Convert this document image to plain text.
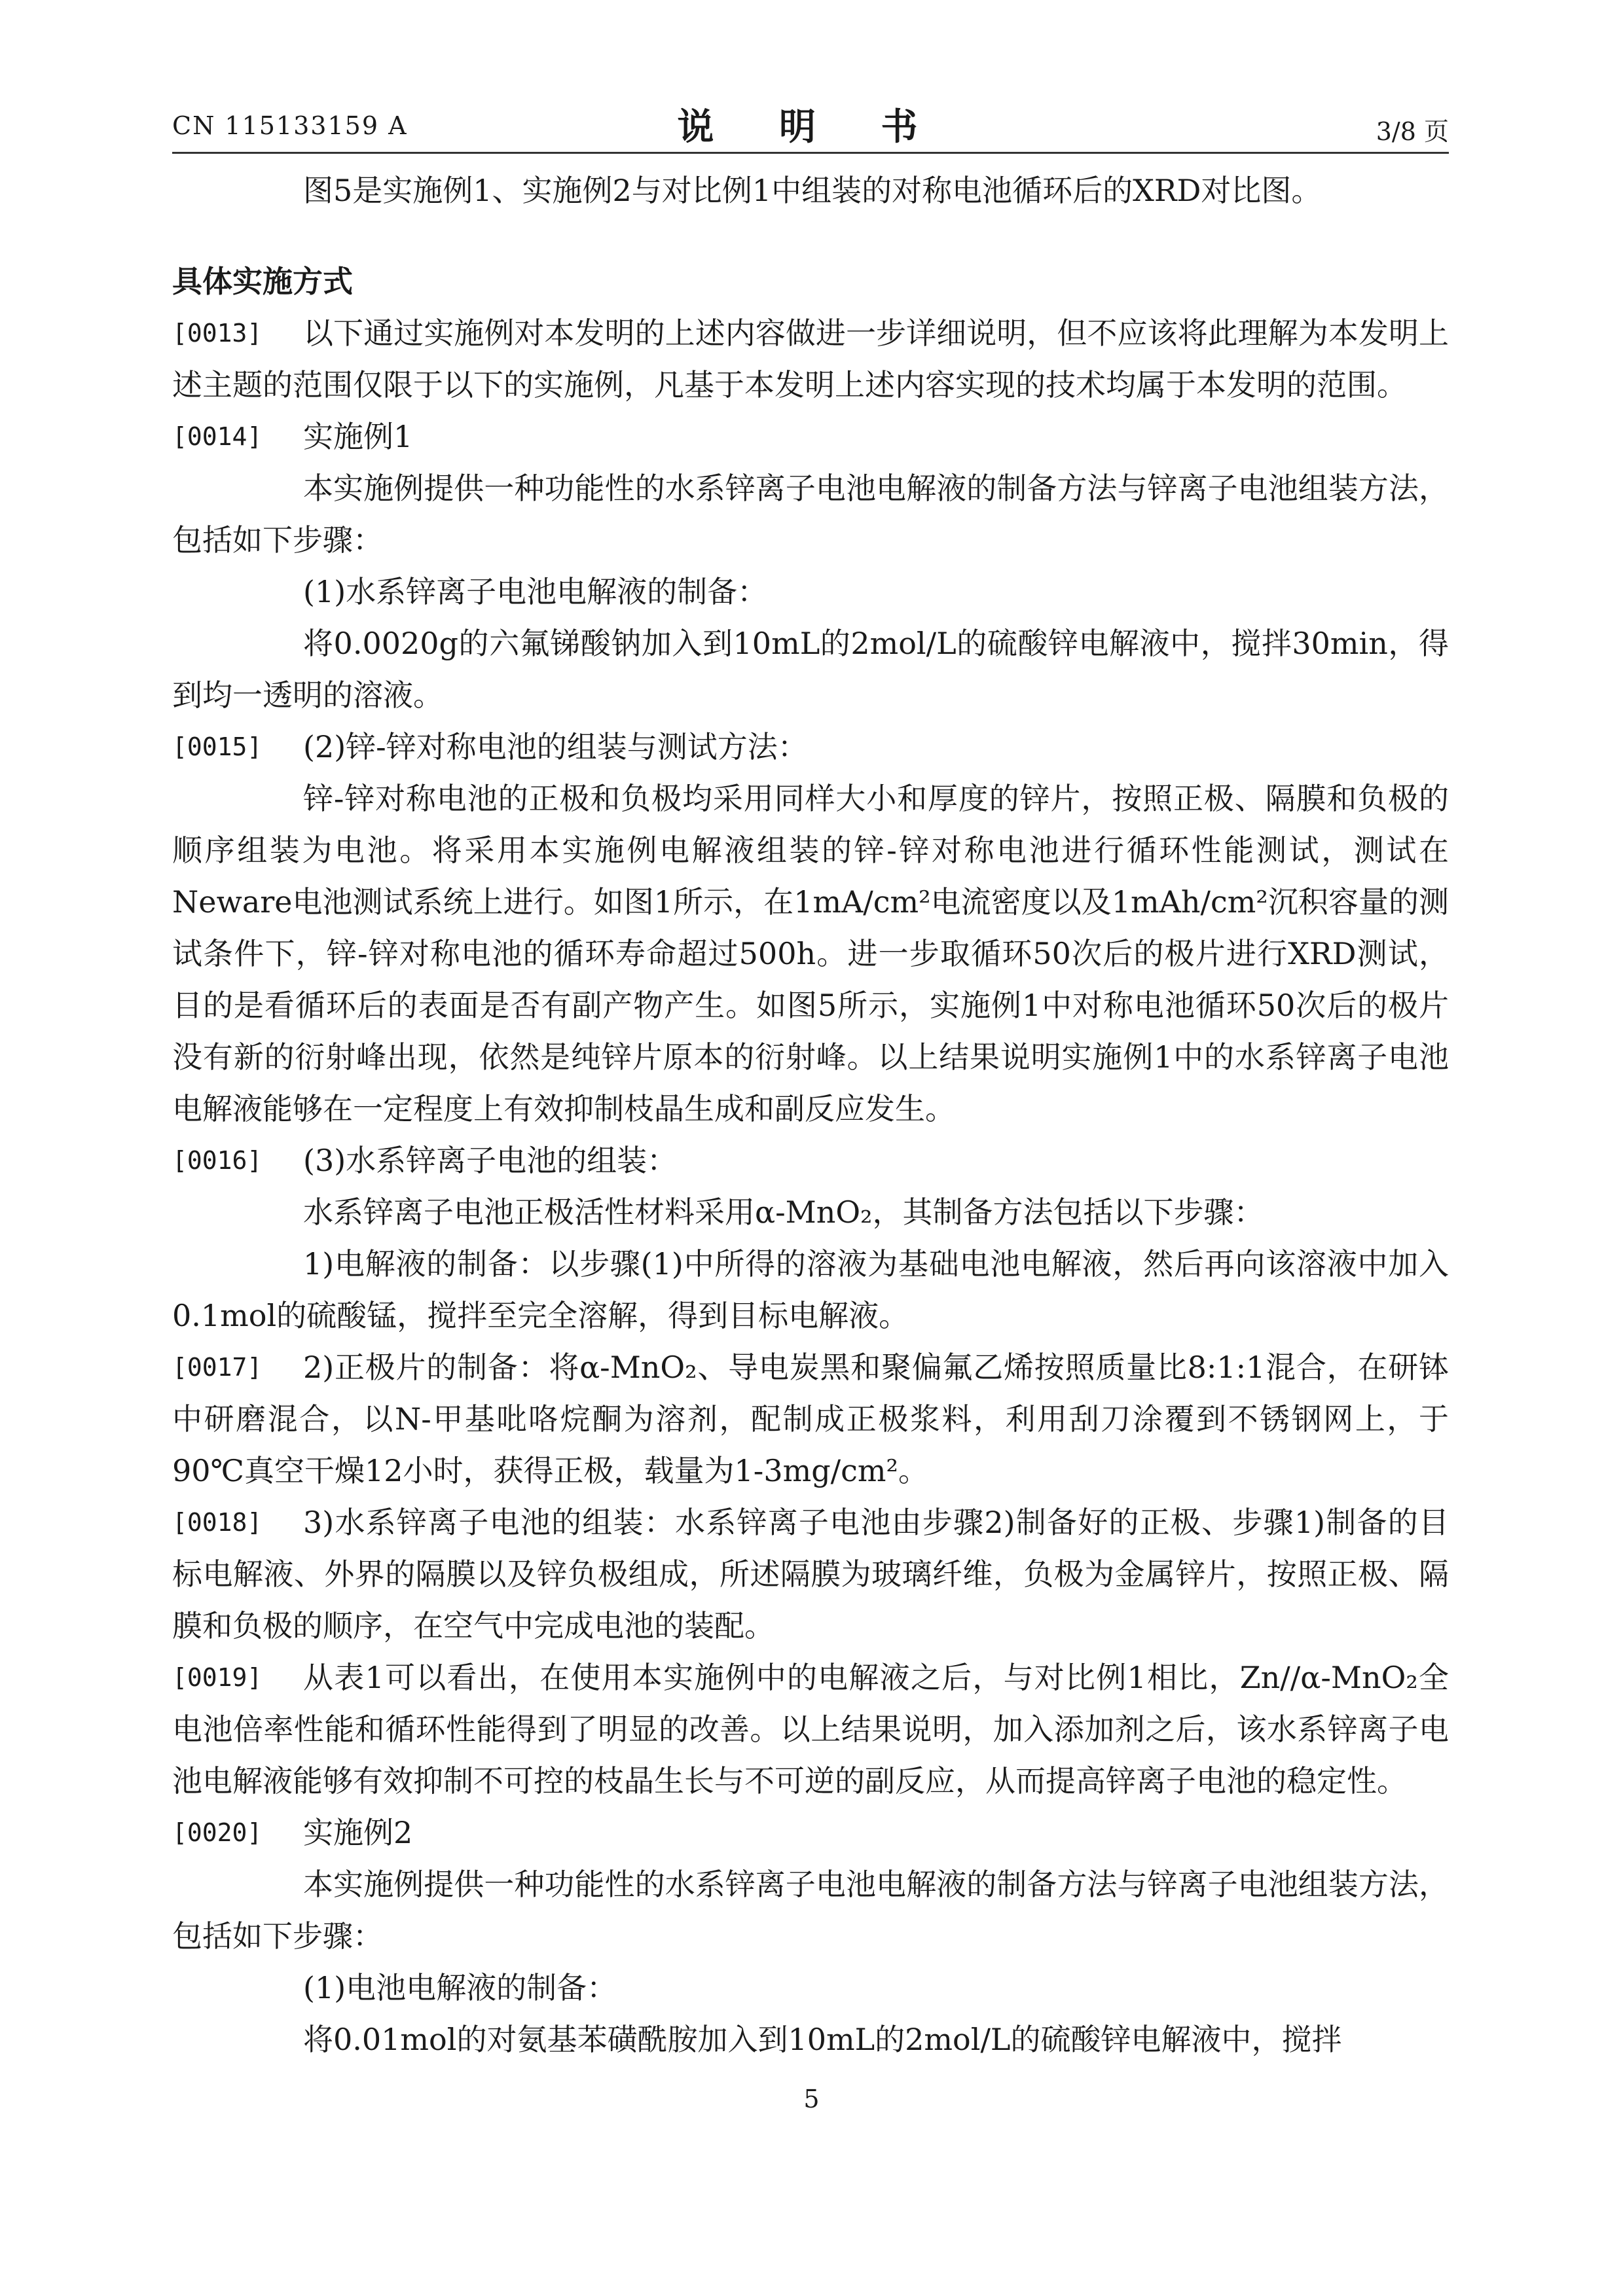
CN 115133159 A	说 明 书	3/8 页

图5是实施例1、实施例2与对比例1中组装的对称电池循环后的XRD对比图。

具体实施方式

[0013] 以下通过实施例对本发明的上述内容做进一步详细说明，但不应该将此理解为本发明上述主题的范围仅限于以下的实施例，凡基于本发明上述内容实现的技术均属于本发明的范围。

[0014] 实施例1

本实施例提供一种功能性的水系锌离子电池电解液的制备方法与锌离子电池组装方法，包括如下步骤：

(1)水系锌离子电池电解液的制备：

将0.0020g的六氟锑酸钠加入到10mL的2mol/L的硫酸锌电解液中，搅拌30min，得到均一透明的溶液。

[0015] (2)锌-锌对称电池的组装与测试方法：

锌-锌对称电池的正极和负极均采用同样大小和厚度的锌片，按照正极、隔膜和负极的顺序组装为电池。将采用本实施例电解液组装的锌-锌对称电池进行循环性能测试，测试在Neware电池测试系统上进行。如图1所示，在1mA/cm²电流密度以及1mAh/cm²沉积容量的测试条件下，锌-锌对称电池的循环寿命超过500h。进一步取循环50次后的极片进行XRD测试，目的是看循环后的表面是否有副产物产生。如图5所示，实施例1中对称电池循环50次后的极片没有新的衍射峰出现，依然是纯锌片原本的衍射峰。以上结果说明实施例1中的水系锌离子电池电解液能够在一定程度上有效抑制枝晶生成和副反应发生。

[0016] (3)水系锌离子电池的组装：

水系锌离子电池正极活性材料采用α-MnO₂，其制备方法包括以下步骤：

1)电解液的制备：以步骤(1)中所得的溶液为基础电池电解液，然后再向该溶液中加入0.1mol的硫酸锰，搅拌至完全溶解，得到目标电解液。

[0017] 2)正极片的制备：将α-MnO₂、导电炭黑和聚偏氟乙烯按照质量比8:1:1混合，在研钵中研磨混合，以N-甲基吡咯烷酮为溶剂，配制成正极浆料，利用刮刀涂覆到不锈钢网上，于90℃真空干燥12小时，获得正极，载量为1-3mg/cm²。

[0018] 3)水系锌离子电池的组装：水系锌离子电池由步骤2)制备好的正极、步骤1)制备的目标电解液、外界的隔膜以及锌负极组成，所述隔膜为玻璃纤维，负极为金属锌片，按照正极、隔膜和负极的顺序，在空气中完成电池的装配。

[0019] 从表1可以看出，在使用本实施例中的电解液之后，与对比例1相比，Zn//α-MnO₂全电池倍率性能和循环性能得到了明显的改善。以上结果说明，加入添加剂之后，该水系锌离子电池电解液能够有效抑制不可控的枝晶生长与不可逆的副反应，从而提高锌离子电池的稳定性。

[0020] 实施例2

本实施例提供一种功能性的水系锌离子电池电解液的制备方法与锌离子电池组装方法，包括如下步骤：

(1)电池电解液的制备：

将0.01mol的对氨基苯磺酰胺加入到10mL的2mol/L的硫酸锌电解液中，搅拌

5
